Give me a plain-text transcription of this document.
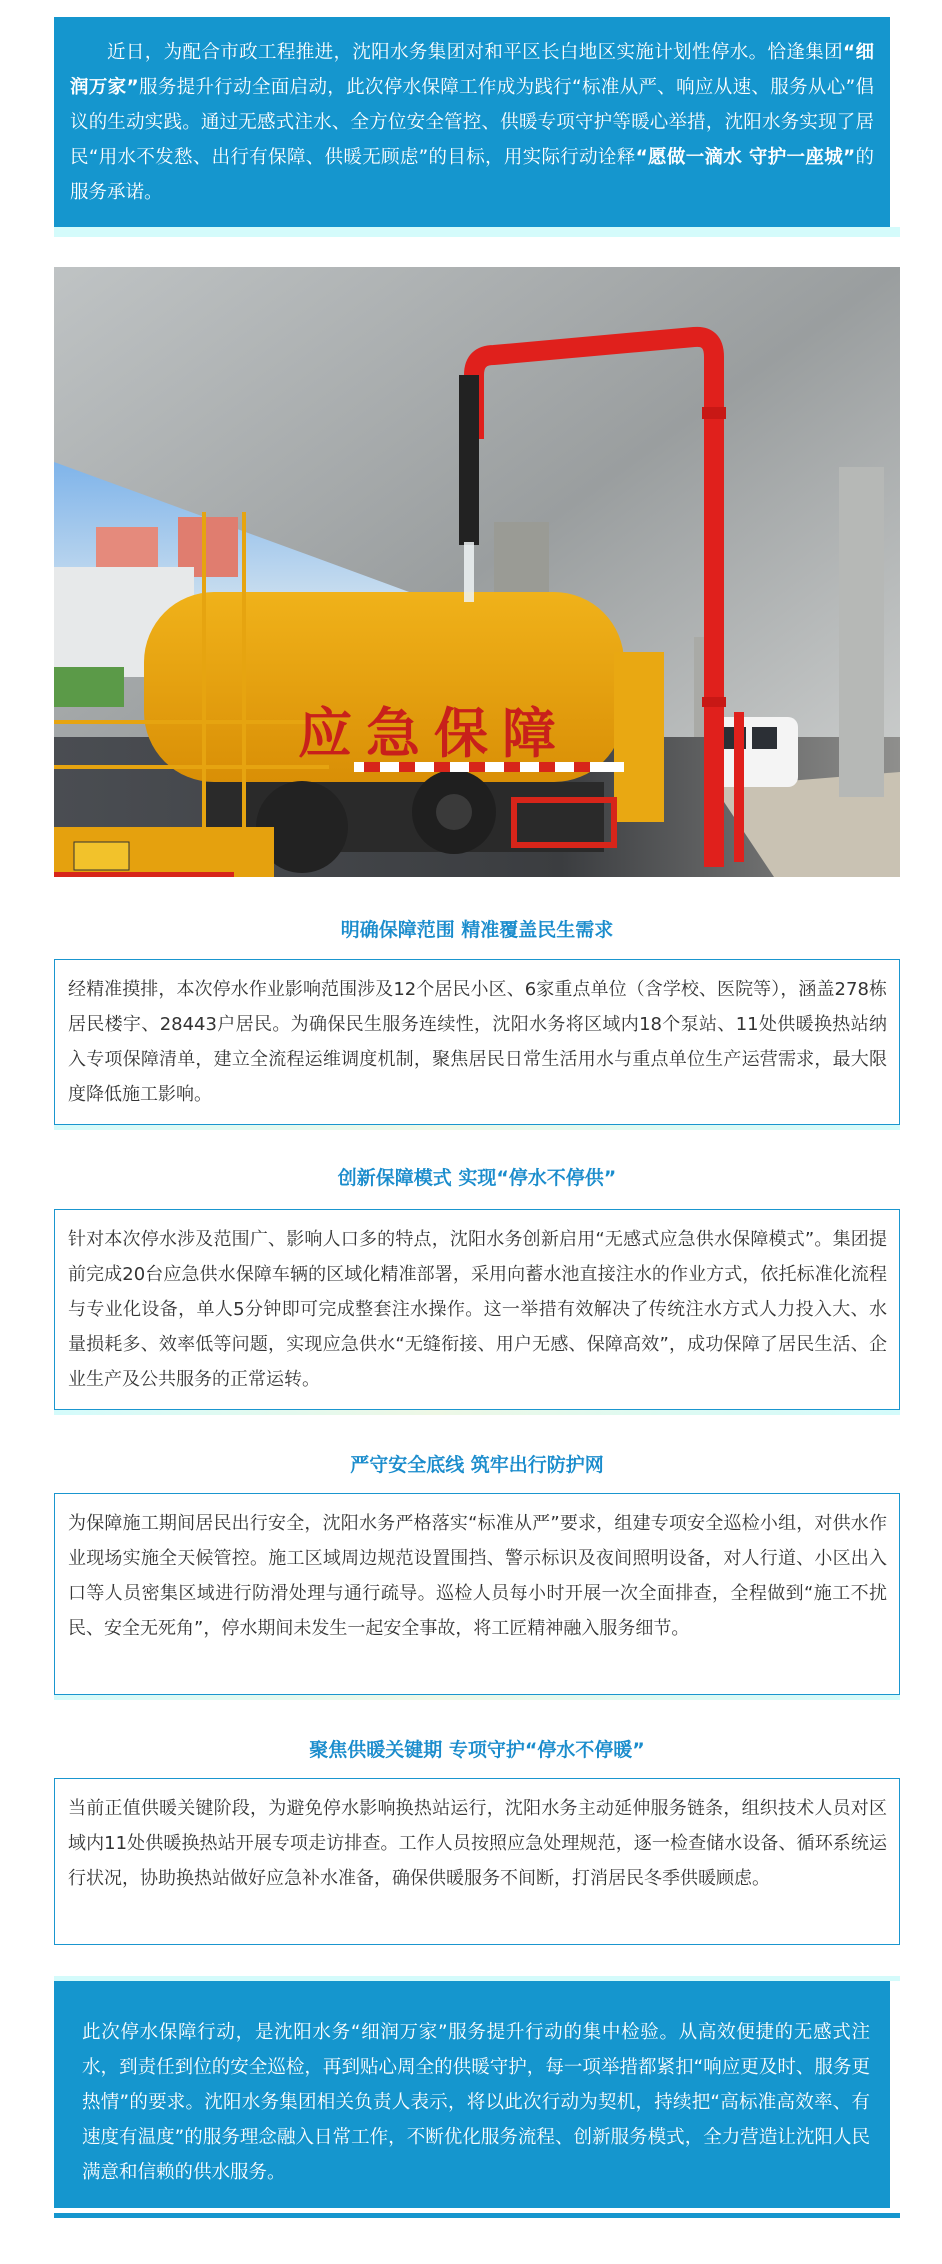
近日，为配合市政工程推进，沈阳水务集团对和平区长白地区实施计划性停水。恰逢集团“细润万家”服务提升行动全面启动，此次停水保障工作成为践行“标准从严、响应从速、服务从心”倡议的生动实践。通过无感式注水、全方位安全管控、供暖专项守护等暖心举措，沈阳水务实现了居民“用水不发愁、出行有保障、供暖无顾虑”的目标，用实际行动诠释“愿做一滴水 守护一座城”的服务承诺。

应急保障
明确保障范围 精准覆盖民生需求

经精准摸排，本次停水作业影响范围涉及12个居民小区、6家重点单位（含学校、医院等），涵盖278栋居民楼宇、28443户居民。为确保民生服务连续性，沈阳水务将区域内18个泵站、11处供暖换热站纳入专项保障清单，建立全流程运维调度机制，聚焦居民日常生活用水与重点单位生产运营需求，最大限度降低施工影响。

创新保障模式 实现“停水不停供”

针对本次停水涉及范围广、影响人口多的特点，沈阳水务创新启用“无感式应急供水保障模式”。集团提前完成20台应急供水保障车辆的区域化精准部署，采用向蓄水池直接注水的作业方式，依托标准化流程与专业化设备，单人5分钟即可完成整套注水操作。这一举措有效解决了传统注水方式人力投入大、水量损耗多、效率低等问题，实现应急供水“无缝衔接、用户无感、保障高效”，成功保障了居民生活、企业生产及公共服务的正常运转。

严守安全底线 筑牢出行防护网

为保障施工期间居民出行安全，沈阳水务严格落实“标准从严”要求，组建专项安全巡检小组，对供水作业现场实施全天候管控。施工区域周边规范设置围挡、警示标识及夜间照明设备，对人行道、小区出入口等人员密集区域进行防滑处理与通行疏导。巡检人员每小时开展一次全面排查，全程做到“施工不扰民、安全无死角”，停水期间未发生一起安全事故，将工匠精神融入服务细节。

聚焦供暖关键期 专项守护“停水不停暖”

当前正值供暖关键阶段，为避免停水影响换热站运行，沈阳水务主动延伸服务链条，组织技术人员对区域内11处供暖换热站开展专项走访排查。工作人员按照应急处理规范，逐一检查储水设备、循环系统运行状况，协助换热站做好应急补水准备，确保供暖服务不间断，打消居民冬季供暖顾虑。

此次停水保障行动，是沈阳水务“细润万家”服务提升行动的集中检验。从高效便捷的无感式注水，到责任到位的安全巡检，再到贴心周全的供暖守护，每一项举措都紧扣“响应更及时、服务更热情”的要求。沈阳水务集团相关负责人表示，将以此次行动为契机，持续把“高标准高效率、有速度有温度”的服务理念融入日常工作，不断优化服务流程、创新服务模式，全力营造让沈阳人民满意和信赖的供水服务。
